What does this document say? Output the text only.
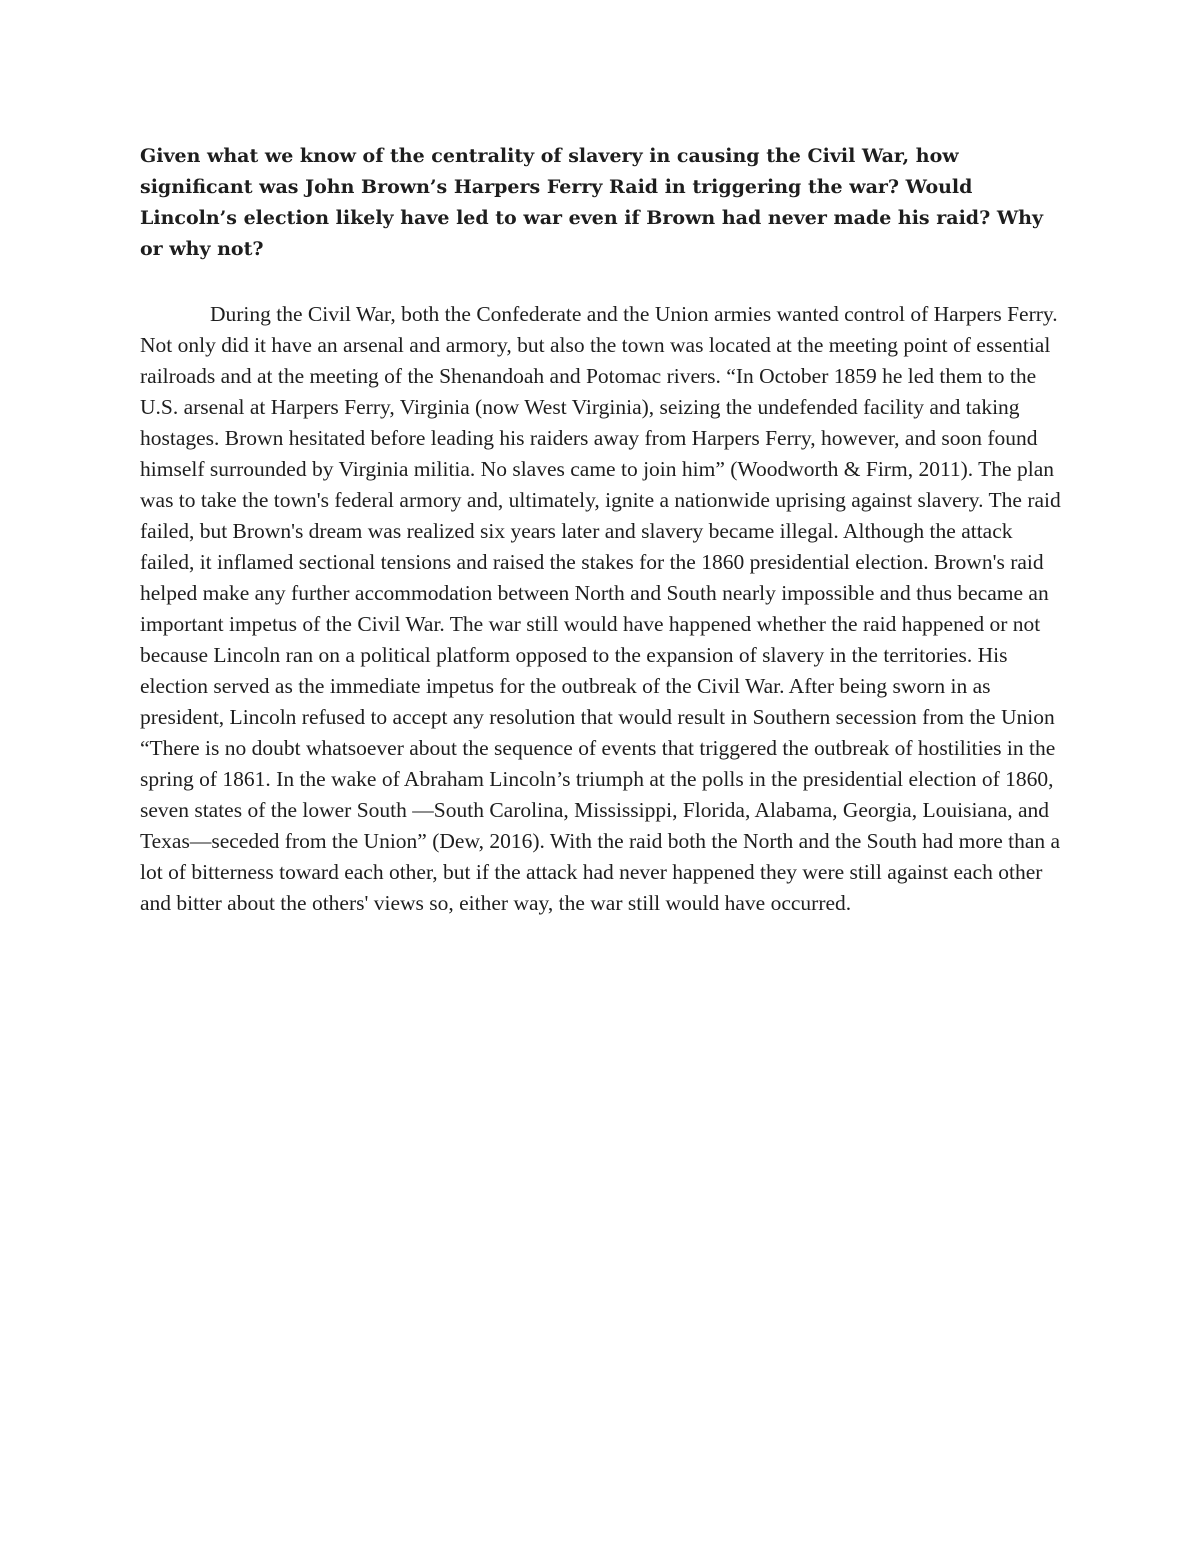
Given what we know of the centrality of slavery in causing the Civil War, how significant was John Brown’s Harpers Ferry Raid in triggering the war? Would Lincoln’s election likely have led to war even if Brown had never made his raid? Why or why not?

During the Civil War, both the Confederate and the Union armies wanted control of Harpers Ferry. Not only did it have an arsenal and armory, but also the town was located at the meeting point of essential railroads and at the meeting of the Shenandoah and Potomac rivers. “In October 1859 he led them to the U.S. arsenal at Harpers Ferry, Virginia (now West Virginia), seizing the undefended facility and taking hostages. Brown hesitated before leading his raiders away from Harpers Ferry, however, and soon found himself surrounded by Virginia militia. No slaves came to join him” (Woodworth & Firm, 2011). The plan was to take the town's federal armory and, ultimately, ignite a nationwide uprising against slavery. The raid failed, but Brown's dream was realized six years later and slavery became illegal. Although the attack failed, it inflamed sectional tensions and raised the stakes for the 1860 presidential election. Brown's raid helped make any further accommodation between North and South nearly impossible and thus became an important impetus of the Civil War. The war still would have happened whether the raid happened or not because Lincoln ran on a political platform opposed to the expansion of slavery in the territories. His election served as the immediate impetus for the outbreak of the Civil War. After being sworn in as president, Lincoln refused to accept any resolution that would result in Southern secession from the Union “There is no doubt whatsoever about the sequence of events that triggered the outbreak of hostilities in the spring of 1861. In the wake of Abraham Lincoln’s triumph at the polls in the presidential election of 1860, seven states of the lower South —South Carolina, Mississippi, Florida, Alabama, Georgia, Louisiana, and Texas—seceded from the Union” (Dew, 2016). With the raid both the North and the South had more than a lot of bitterness toward each other, but if the attack had never happened they were still against each other and bitter about the others' views so, either way, the war still would have occurred.
